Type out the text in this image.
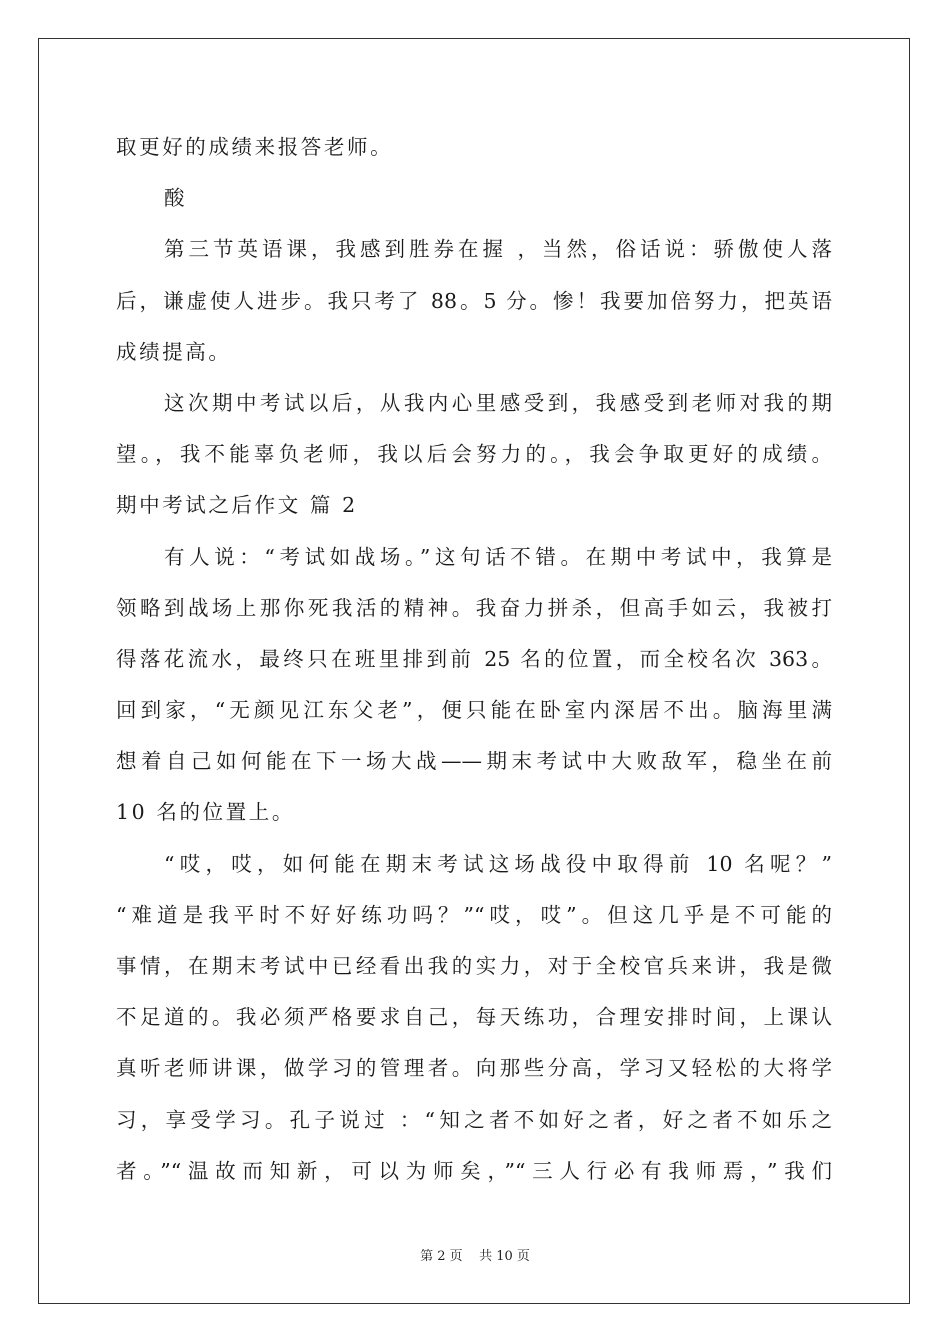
取更好的成绩来报答老师。
酸
第三节英语课，我感到胜券在握 ，当然，俗话说：骄傲使人落
后，谦虚使人进步。我只考了 88。5 分。惨！我要加倍努力，把英语
成绩提高。
这次期中考试以后，从我内心里感受到，我感受到老师对我的期
望。，我不能辜负老师，我以后会努力的。，我会争取更好的成绩。
期中考试之后作文 篇 2
有人说：“考试如战场。”这句话不错。在期中考试中，我算是
领略到战场上那你死我活的精神。我奋力拼杀，但高手如云，我被打
得落花流水，最终只在班里排到前 25 名的位置，而全校名次 363。
回到家，“无颜见江东父老”，便只能在卧室内深居不出。脑海里满
想着自己如何能在下一场大战——期末考试中大败敌军，稳坐在前
10 名的位置上。
“哎，哎，如何能在期末考试这场战役中取得前 10 名呢？”
“难道是我平时不好好练功吗？”“哎，哎”。但这几乎是不可能的
事情，在期末考试中已经看出我的实力，对于全校官兵来讲，我是微
不足道的。我必须严格要求自己，每天练功，合理安排时间，上课认
真听老师讲课，做学习的管理者。向那些分高，学习又轻松的大将学
习，享受学习。孔子说过 ：“知之者不如好之者，好之者不如乐之
者。”“温故而知新，可以为师矣，”“三人行必有我师焉，”我们
第 2 页    共 10 页
